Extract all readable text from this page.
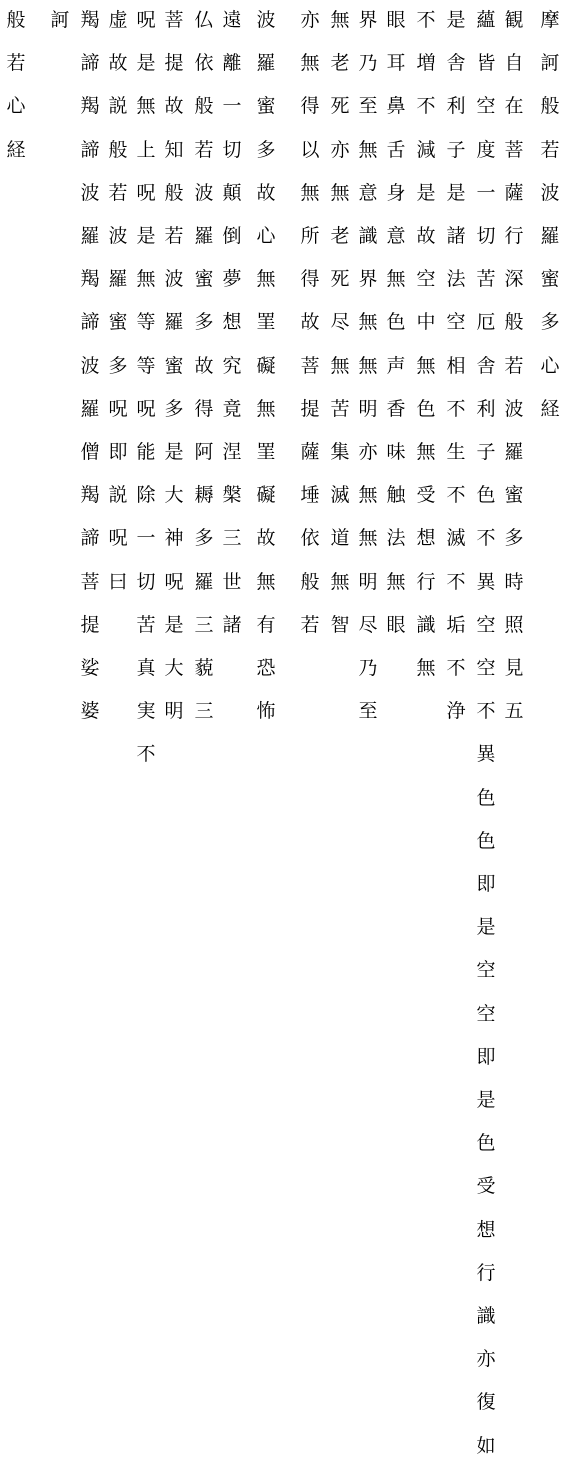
摩
訶
般
若
波
羅
蜜
多
心
経
観
自
在
菩
薩
行
深
般
若
波
羅
蜜
多
時
照
見
五
蘊
皆
空
度
一
切
苦
厄
舎
利
子
色
不
異
空
空
不
異
色
色
即
是
空
空
即
是
色
受
想
行
識
亦
復
如
是
舎
利
子
是
諸
法
空
相
不
生
不
滅
不
垢
不
浄
不
増
不
減
是
故
空
中
無
色
無
受
想
行
識
無
眼
耳
鼻
舌
身
意
無
色
声
香
味
触
法
無
眼
界
乃
至
無
意
識
界
無
無
明
亦
無
無
明
尽
乃
至
無
老
死
亦
無
老
死
尽
無
苦
集
滅
道
無
智
亦
無
得
以
無
所
得
故
菩
提
薩
埵
依
般
若
波
羅
蜜
多
故
心
無
罣
礙
無
罣
礙
故
無
有
恐
怖
遠
離
一
切
顛
倒
夢
想
究
竟
涅
槃
三
世
諸
仏
依
般
若
波
羅
蜜
多
故
得
阿
耨
多
羅
三
藐
三
菩
提
故
知
般
若
波
羅
蜜
多
是
大
神
呪
是
大
明
呪
是
無
上
呪
是
無
等
等
呪
能
除
一
切
苦
真
実
不
虚
故
説
般
若
波
羅
蜜
多
呪
即
説
呪
曰
羯
諦
羯
諦
波
羅
羯
諦
波
羅
僧
羯
諦
菩
提
娑
婆
訶
般
若
心
経
